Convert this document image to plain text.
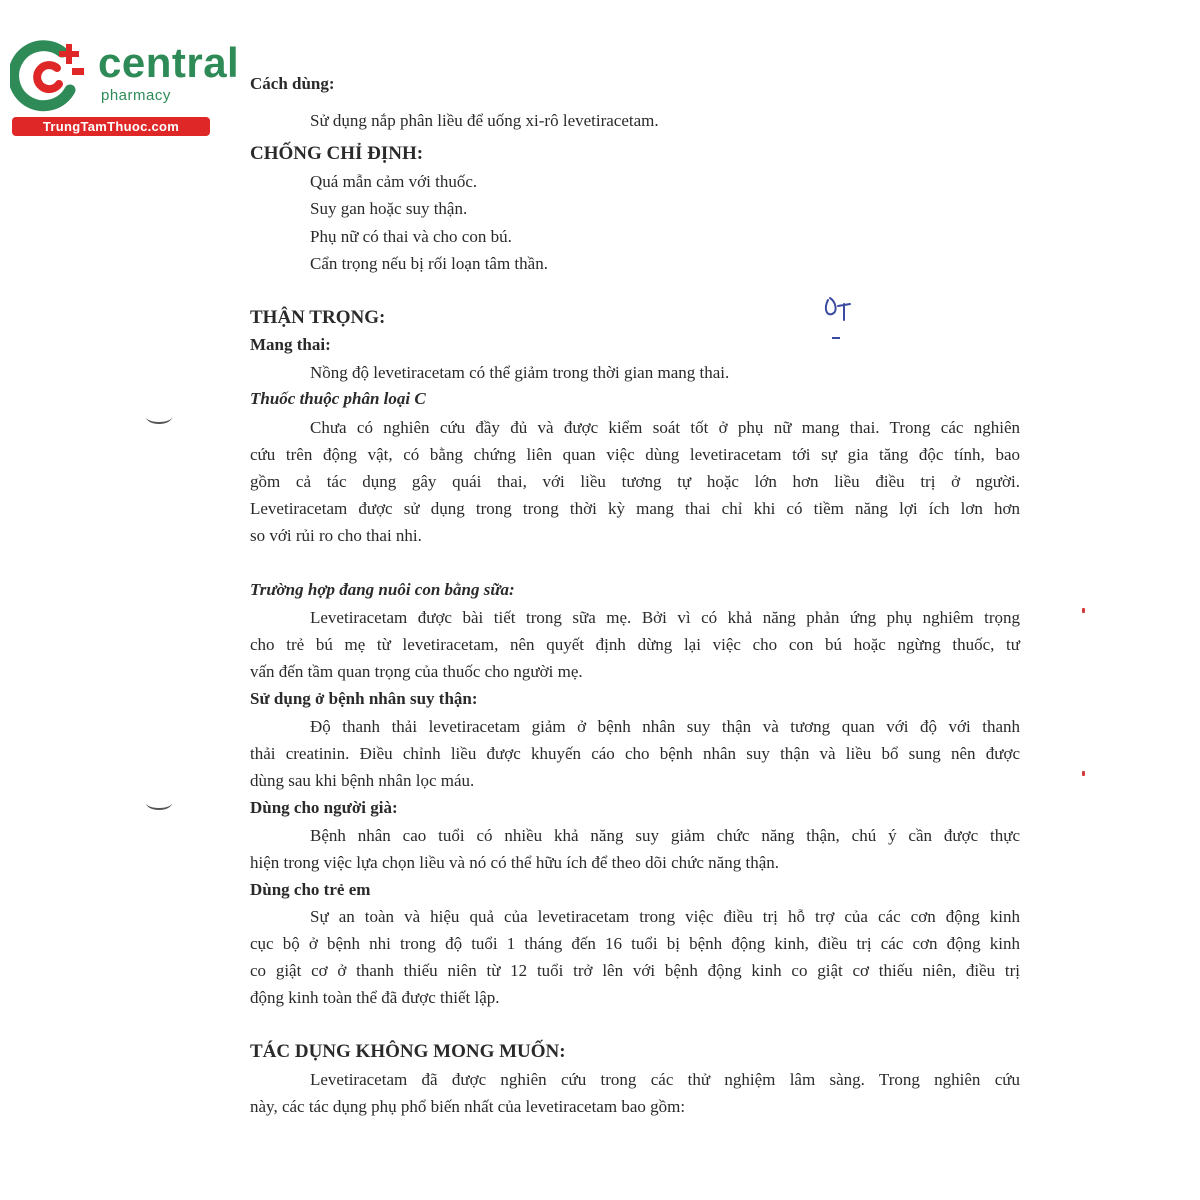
central
pharmacy
TrungTamThuoc.com
Cách dùng:
Sử dụng nắp phân liều để uống xi-rô levetiracetam.
CHỐNG CHỈ ĐỊNH:
Quá mẫn cảm với thuốc.
Suy gan hoặc suy thận.
Phụ nữ có thai và cho con bú.
Cẩn trọng nếu bị rối loạn tâm thần.
THẬN TRỌNG:
Mang thai:
Nồng độ levetiracetam có thể giảm trong thời gian mang thai.
Thuốc thuộc phân loại C
Chưa có nghiên cứu đầy đủ và được kiểm soát tốt ở phụ nữ mang thai. Trong các nghiên
cứu trên động vật, có bằng chứng liên quan việc dùng levetiracetam tới sự gia tăng độc tính, bao
gồm cả tác dụng gây quái thai, với liều tương tự hoặc lớn hơn liều điều trị ở người.
Levetiracetam được sử dụng trong trong thời kỳ mang thai chỉ khi có tiềm năng lợi ích lơn hơn
so với rủi ro cho thai nhi.
Trường hợp đang nuôi con bằng sữa:
Levetiracetam được bài tiết trong sữa mẹ. Bởi vì có khả năng phản ứng phụ nghiêm trọng
cho trẻ bú mẹ từ levetiracetam, nên quyết định dừng lại việc cho con bú hoặc ngừng thuốc, tư
vấn đến tầm quan trọng của thuốc cho người mẹ.
Sử dụng ở bệnh nhân suy thận:
Độ thanh thải levetiracetam giảm ở bệnh nhân suy thận và tương quan với độ với thanh
thải creatinin. Điều chỉnh liều được khuyến cáo cho bệnh nhân suy thận và liều bổ sung nên được
dùng sau khi bệnh nhân lọc máu.
Dùng cho người già:
Bệnh nhân cao tuổi có nhiều khả năng suy giảm chức năng thận, chú ý cần được thực
hiện trong việc lựa chọn liều và nó có thể hữu ích để theo dõi chức năng thận.
Dùng cho trẻ em
Sự an toàn và hiệu quả của levetiracetam trong việc điều trị hỗ trợ của các cơn động kinh
cục bộ ở bệnh nhi trong độ tuổi 1 tháng đến 16 tuổi bị bệnh động kinh, điều trị các cơn động kinh
co giật cơ ở thanh thiếu niên từ 12 tuổi trở lên với bệnh động kinh co giật cơ thiếu niên, điều trị
động kinh toàn thể đã được thiết lập.
TÁC DỤNG KHÔNG MONG MUỐN:
Levetiracetam đã được nghiên cứu trong các thử nghiệm lâm sàng. Trong nghiên cứu
này, các tác dụng phụ phổ biến nhất của levetiracetam bao gồm:
